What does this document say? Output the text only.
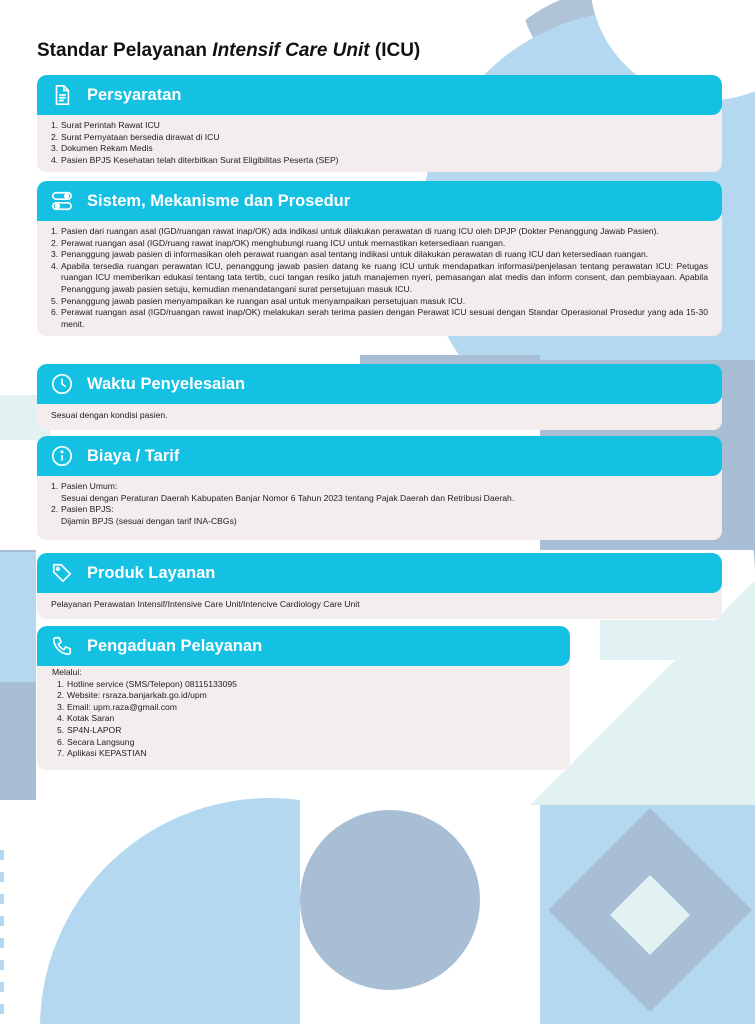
Standar Pelayanan Intensif Care Unit (ICU)
Persyaratan
1. Surat Perintah Rawat ICU
2. Surat Pernyataan bersedia dirawat di ICU
3. Dokumen Rekam Medis
4. Pasien BPJS Kesehatan telah diterbitkan Surat Eligibilitas Peserta (SEP)
Sistem, Mekanisme dan Prosedur
1. Pasien dari ruangan asal (IGD/ruangan rawat inap/OK) ada indikasi untuk dilakukan perawatan di ruang ICU oleh DPJP (Dokter Penanggung Jawab Pasien).
2. Perawat ruangan asal (IGD/ruang rawat inap/OK) menghubungi ruang ICU untuk memastikan ketersediaan ruangan.
3. Penanggung jawab pasien di informasikan oleh perawat ruangan asal tentang indikasi untuk dilakukan perawatan di ruang ICU dan ketersediaan ruangan.
4. Apabila tersedia ruangan perawatan ICU, penanggung jawab pasien datang ke ruang ICU untuk mendapatkan informasi/penjelasan tentang perawatan ICU: Petugas ruangan ICU memberikan edukasi tentang tata tertib, cuci tangan resiko jatuh manajemen nyeri, pemasangan alat medis dan inform consent, dan pembiayaan. Apabila Penanggung jawab pasien setuju, kemudian menandatangani surat persetujuan masuk ICU.
5. Penanggung jawab pasien menyampaikan ke ruangan asal untuk menyampaikan persetujuan masuk ICU.
6. Perawat ruangan asal (IGD/ruangan rawat inap/OK) melakukan serah terima pasien dengan Perawat ICU sesuai dengan Standar Operasional Prosedur yang ada 15-30 menit.
Waktu Penyelesaian
Sesuai dengan kondisi pasien.
Biaya / Tarif
1. Pasien Umum:
Sesuai dengan Peraturan Daerah Kabupaten Banjar Nomor 6 Tahun 2023 tentang Pajak Daerah dan Retribusi Daerah.
2. Pasien BPJS:
Dijamin BPJS (sesuai dengan tarif INA-CBGs)
Produk Layanan
Pelayanan Perawatan Intensif/Intensive Care Unit/Intencive Cardiology Care Unit
Pengaduan Pelayanan
Melalui:
1. Hotline service (SMS/Telepon) 08115133095
2. Website: rsraza.banjarkab.go.id/upm
3. Email: upm.raza@gmail.com
4. Kotak Saran
5. SP4N-LAPOR
6. Secara Langsung
7. Aplikasi KEPASTIAN
